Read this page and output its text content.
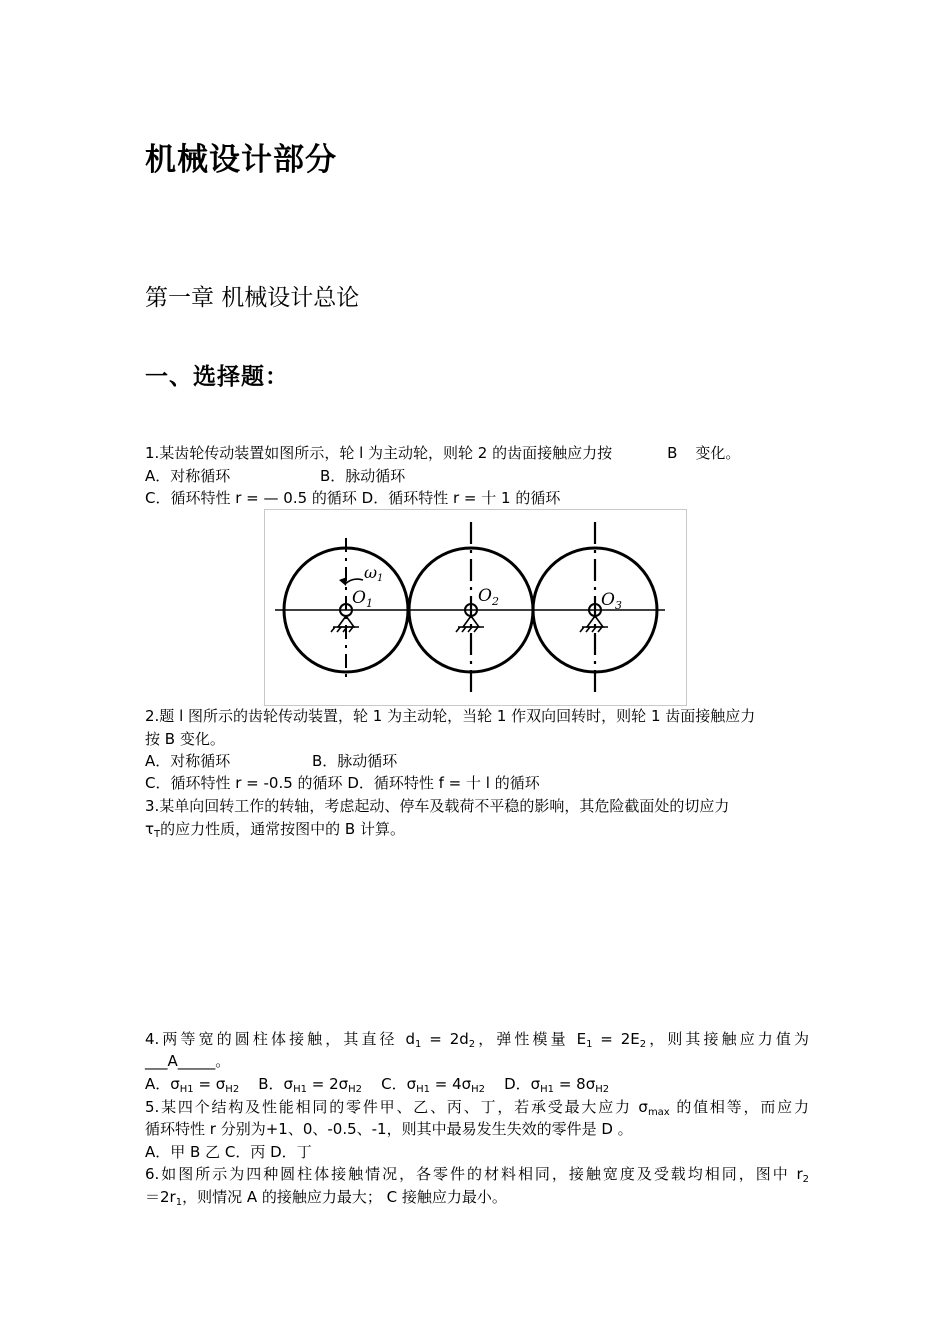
机械设计部分
第一章 机械设计总论
一、选择题：
1.某齿轮传动装置如图所示，轮 l 为主动轮，则轮 2 的齿面接触应力按	B 变化。
A．对称循环	B．脉动循环
C．循环特性 r = — 0.5 的循环 D．循环特性 r = 十 1 的循环
ω1
$O_1$	$O_2$	$O_3$
2.题 l 图所示的齿轮传动装置，轮 1 为主动轮，当轮 1 作双向回转时，则轮 1 齿面接触应力
按 B 变化。
A．对称循环	B．脉动循环
C．循环特性 r = -0.5 的循环 D．循环特性 f = 十 l 的循环
3.某单向回转工作的转轴，考虑起动、停车及载荷不平稳的影响，其危险截面处的切应力
$\tau_T$的应力性质，通常按图中的 B 计算。
4.两等宽的圆柱体接触，其直径 $d_1 = 2d_2$，弹性模量 $E_1 = 2E_2$，则其接触应力值为
___A_____。
A．$\sigma_{H1} = \sigma_{H2}$ B．$\sigma_{H1} = 2\sigma_{H2}$ C．$\sigma_{H1} = 4\sigma_{H2}$ D．$\sigma_{H1} = 8\sigma_{H2}$
5.某四个结构及性能相同的零件甲、乙、丙、丁，若承受最大应力 $\sigma_{max}$ 的值相等，而应力
循环特性 r 分别为+1、0、-0.5、-1，则其中最易发生失效的零件是 D 。
A．甲 B 乙 C．丙 D．丁
6.如图所示为四种圆柱体接触情况，各零件的材料相同，接触宽度及受载均相同，图中 $r_2$
$=2r_1$，则情况 A 的接触应力最大； C 接触应力最小。
